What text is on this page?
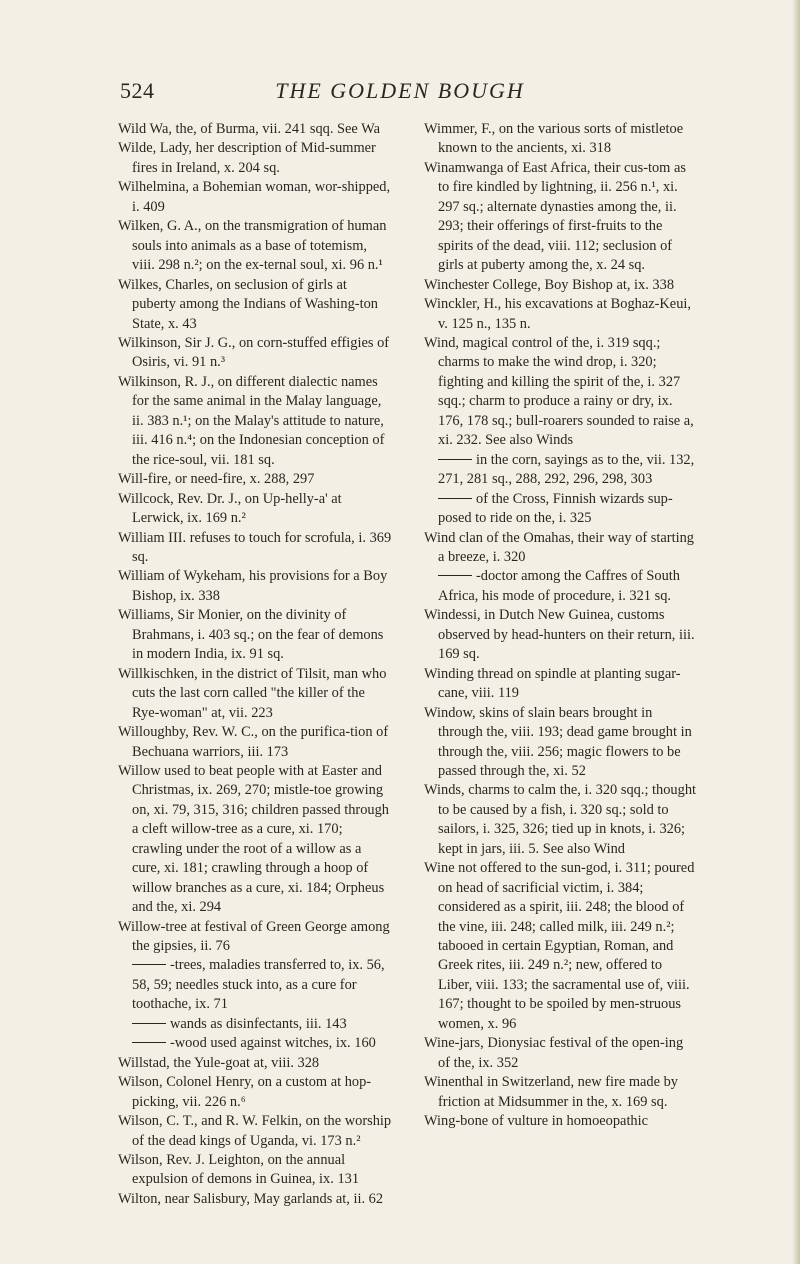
524	THE GOLDEN BOUGH

Wild Wa, the, of Burma, vii. 241 sqq. See Wa

Wilde, Lady, her description of Mid-summer fires in Ireland, x. 204 sq.

Wilhelmina, a Bohemian woman, wor-shipped, i. 409

Wilken, G. A., on the transmigration of human souls into animals as a base of totemism, viii. 298 n.²; on the ex-ternal soul, xi. 96 n.¹

Wilkes, Charles, on seclusion of girls at puberty among the Indians of Washing-ton State, x. 43

Wilkinson, Sir J. G., on corn-stuffed effigies of Osiris, vi. 91 n.³

Wilkinson, R. J., on different dialectic names for the same animal in the Malay language, ii. 383 n.¹; on the Malay's attitude to nature, iii. 416 n.⁴; on the Indonesian conception of the rice-soul, vii. 181 sq.

Will-fire, or need-fire, x. 288, 297

Willcock, Rev. Dr. J., on Up-helly-a' at Lerwick, ix. 169 n.²

William III. refuses to touch for scrofula, i. 369 sq.

William of Wykeham, his provisions for a Boy Bishop, ix. 338

Williams, Sir Monier, on the divinity of Brahmans, i. 403 sq.; on the fear of demons in modern India, ix. 91 sq.

Willkischken, in the district of Tilsit, man who cuts the last corn called "the killer of the Rye-woman" at, vii. 223

Willoughby, Rev. W. C., on the purifica-tion of Bechuana warriors, iii. 173

Willow used to beat people with at Easter and Christmas, ix. 269, 270; mistle-toe growing on, xi. 79, 315, 316; children passed through a cleft willow-tree as a cure, xi. 170; crawling under the root of a willow as a cure, xi. 181; crawling through a hoop of willow branches as a cure, xi. 184; Orpheus and the, xi. 294

Willow-tree at festival of Green George among the gipsies, ii. 76

-trees, maladies transferred to, ix. 56, 58, 59; needles stuck into, as a cure for toothache, ix. 71

wands as disinfectants, iii. 143

-wood used against witches, ix. 160

Willstad, the Yule-goat at, viii. 328

Wilson, Colonel Henry, on a custom at hop-picking, vii. 226 n.⁶

Wilson, C. T., and R. W. Felkin, on the worship of the dead kings of Uganda, vi. 173 n.²

Wilson, Rev. J. Leighton, on the annual expulsion of demons in Guinea, ix. 131

Wilton, near Salisbury, May garlands at, ii. 62

Wimmer, F., on the various sorts of mistletoe known to the ancients, xi. 318

Winamwanga of East Africa, their cus-tom as to fire kindled by lightning, ii. 256 n.¹, xi. 297 sq.; alternate dynasties among the, ii. 293; their offerings of first-fruits to the spirits of the dead, viii. 112; seclusion of girls at puberty among the, x. 24 sq.

Winchester College, Boy Bishop at, ix. 338

Winckler, H., his excavations at Boghaz-Keui, v. 125 n., 135 n.

Wind, magical control of the, i. 319 sqq.; charms to make the wind drop, i. 320; fighting and killing the spirit of the, i. 327 sqq.; charm to produce a rainy or dry, ix. 176, 178 sq.; bull-roarers sounded to raise a, xi. 232. See also Winds

in the corn, sayings as to the, vii. 132, 271, 281 sq., 288, 292, 296, 298, 303

of the Cross, Finnish wizards sup-posed to ride on the, i. 325

Wind clan of the Omahas, their way of starting a breeze, i. 320

-doctor among the Caffres of South Africa, his mode of procedure, i. 321 sq.

Windessi, in Dutch New Guinea, customs observed by head-hunters on their return, iii. 169 sq.

Winding thread on spindle at planting sugar-cane, viii. 119

Window, skins of slain bears brought in through the, viii. 193; dead game brought in through the, viii. 256; magic flowers to be passed through the, xi. 52

Winds, charms to calm the, i. 320 sqq.; thought to be caused by a fish, i. 320 sq.; sold to sailors, i. 325, 326; tied up in knots, i. 326; kept in jars, iii. 5. See also Wind

Wine not offered to the sun-god, i. 311; poured on head of sacrificial victim, i. 384; considered as a spirit, iii. 248; the blood of the vine, iii. 248; called milk, iii. 249 n.²; tabooed in certain Egyptian, Roman, and Greek rites, iii. 249 n.²; new, offered to Liber, viii. 133; the sacramental use of, viii. 167; thought to be spoiled by men-struous women, x. 96

Wine-jars, Dionysiac festival of the open-ing of the, ix. 352

Winenthal in Switzerland, new fire made by friction at Midsummer in the, x. 169 sq.

Wing-bone of vulture in homoeopathic
